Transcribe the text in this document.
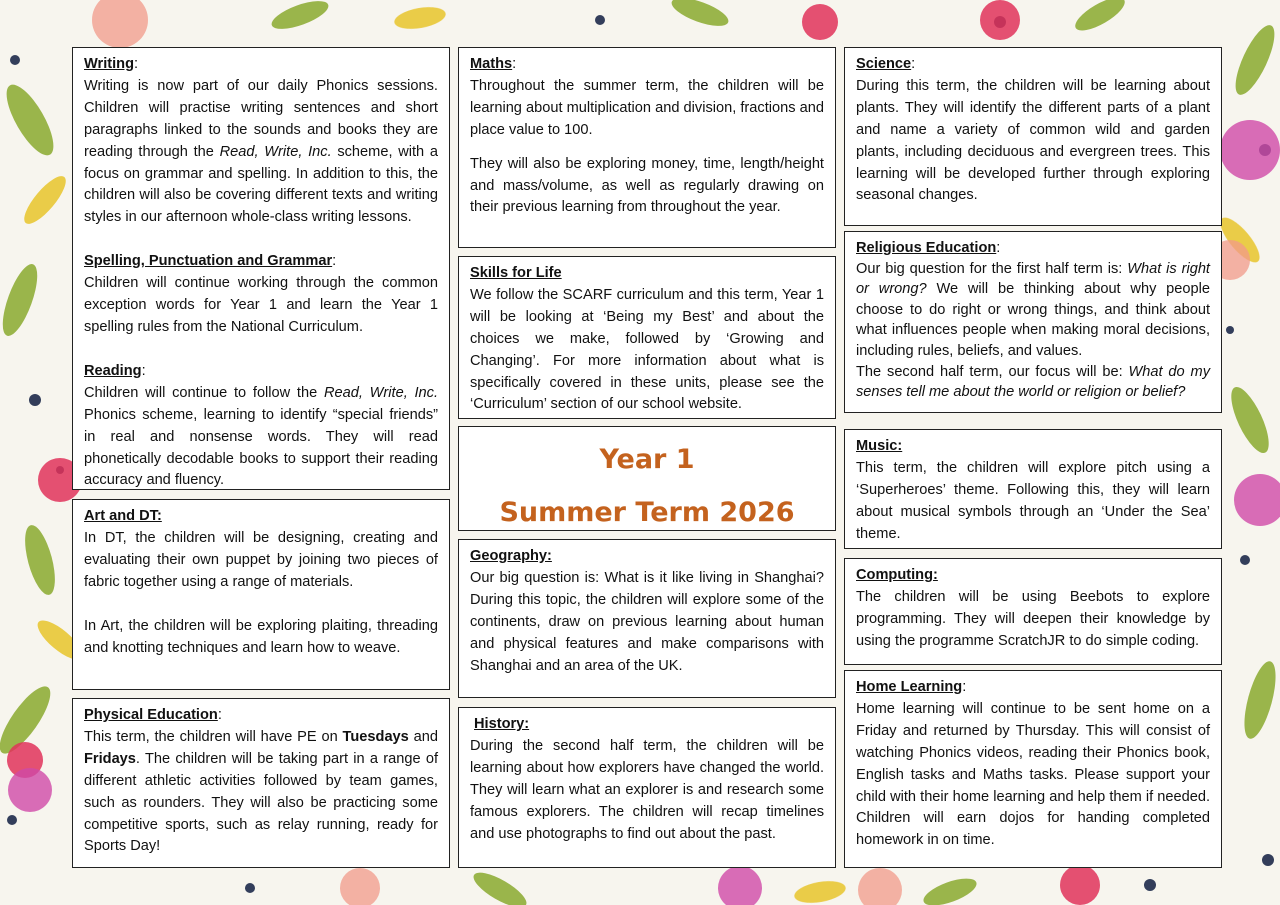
Writing:

Writing is now part of our daily Phonics sessions. Children will practise writing sentences and short paragraphs linked to the sounds and books they are reading through the Read, Write, Inc. scheme, with a focus on grammar and spelling. In addition to this, the children will also be covering different texts and writing styles in our afternoon whole-class writing lessons.

Spelling, Punctuation and Grammar:

Children will continue working through the common exception words for Year 1 and learn the Year 1 spelling rules from the National Curriculum.

Reading:

Children will continue to follow the Read, Write, Inc. Phonics scheme, learning to identify “special friends” in real and nonsense words. They will read phonetically decodable books to support their reading accuracy and fluency.

Art and DT:

In DT, the children will be designing, creating and evaluating their own puppet by joining two pieces of fabric together using a range of materials.

In Art, the children will be exploring plaiting, threading and knotting techniques and learn how to weave.

Physical Education:

This term, the children will have PE on Tuesdays and Fridays. The children will be taking part in a range of different athletic activities followed by team games, such as rounders. They will also be practicing some competitive sports, such as relay running, ready for Sports Day!

Maths:

Throughout the summer term, the children will be learning about multiplication and division, fractions and place value to 100.

They will also be exploring money, time, length/height and mass/volume, as well as regularly drawing on their previous learning from throughout the year.

Skills for Life

We follow the SCARF curriculum and this term, Year 1 will be looking at ‘Being my Best’ and about the choices we make, followed by ‘Growing and Changing’. For more information about what is specifically covered in these units, please see the ‘Curriculum’ section of our school website.

Year 1
Summer Term 2026
Geography:

Our big question is: What is it like living in Shanghai? During this topic, the children will explore some of the continents, draw on previous learning about human and physical features and make comparisons with Shanghai and an area of the UK.

History:

During the second half term, the children will be learning about how explorers have changed the world. They will learn what an explorer is and research some famous explorers. The children will recap timelines and use photographs to find out about the past.

Science:

During this term, the children will be learning about plants. They will identify the different parts of a plant and name a variety of common wild and garden plants, including deciduous and evergreen trees. This learning will be developed further through exploring seasonal changes.

Religious Education:

Our big question for the first half term is: What is right or wrong? We will be thinking about why people choose to do right or wrong things, and think about what influences people when making moral decisions, including rules, beliefs, and values.

The second half term, our focus will be: What do my senses tell me about the world or religion or belief?

Music:

This term, the children will explore pitch using a ‘Superheroes’ theme. Following this, they will learn about musical symbols through an ‘Under the Sea’ theme.

Computing:

The children will be using Beebots to explore programming. They will deepen their knowledge by using the programme ScratchJR to do simple coding.

Home Learning:

Home learning will continue to be sent home on a Friday and returned by Thursday. This will consist of watching Phonics videos, reading their Phonics book, English tasks and Maths tasks. Please support your child with their home learning and help them if needed. Children will earn dojos for handing completed homework in on time.
